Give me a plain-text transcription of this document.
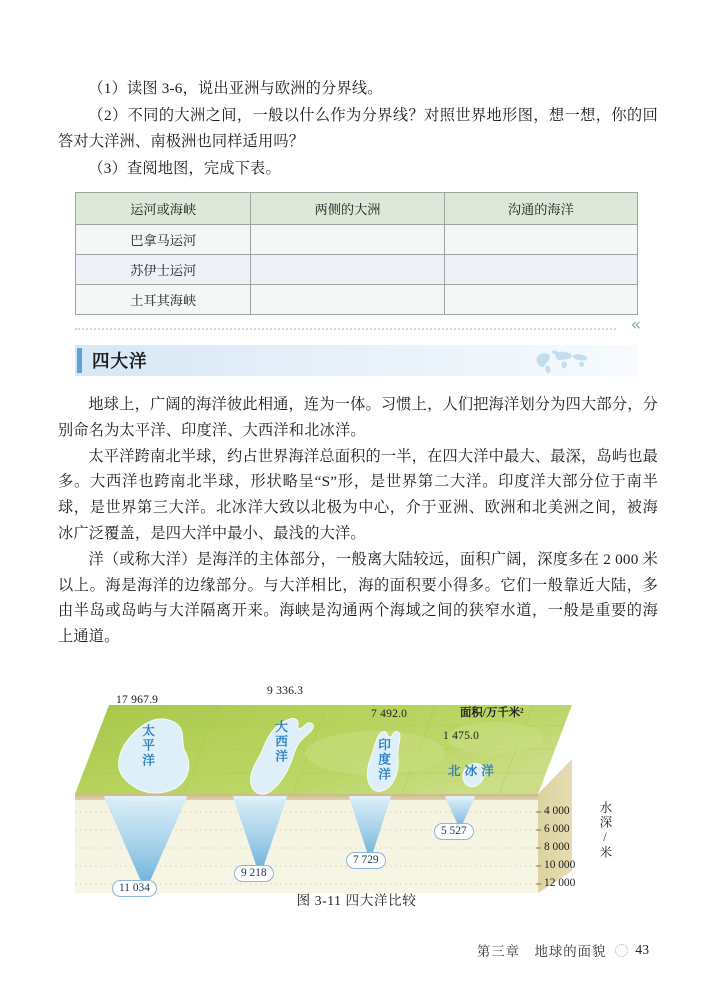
（1）读图 3-6，说出亚洲与欧洲的分界线。

（2）不同的大洲之间，一般以什么作为分界线？对照世界地形图，想一想，你的回答对大洋洲、南极洲也同样适用吗？

（3）查阅地图，完成下表。

运河或海峡	两侧的大洲	沟通的海洋
巴拿马运河		
苏伊士运河		
土耳其海峡		
«
四大洋

地球上，广阔的海洋彼此相通，连为一体。习惯上，人们把海洋划分为四大部分，分别命名为太平洋、印度洋、大西洋和北冰洋。

太平洋跨南北半球，约占世界海洋总面积的一半，在四大洋中最大、最深，岛屿也最多。大西洋也跨南北半球，形状略呈“S”形，是世界第二大洋。印度洋大部分位于南半球，是世界第三大洋。北冰洋大致以北极为中心，介于亚洲、欧洲和北美洲之间，被海冰广泛覆盖，是四大洋中最小、最浅的大洋。

洋（或称大洋）是海洋的主体部分，一般离大陆较远，面积广阔，深度多在 2 000 米以上。海是海洋的边缘部分。与大洋相比，海的面积要小得多。它们一般靠近大陆，多由半岛或岛屿与大洋隔离开来。海峡是沟通两个海域之间的狭窄水道，一般是重要的海上通道。

17 967.9
9 336.3
7 492.0
1 475.0
面积/万千米²
太平洋	大西洋	印度洋	北冰洋
11 034
9 218
7 729
5 527
4 000
6 000
8 000
10 000
12 000
水深/米
图 3-11 四大洋比较
第三章　地球的面貌 43
